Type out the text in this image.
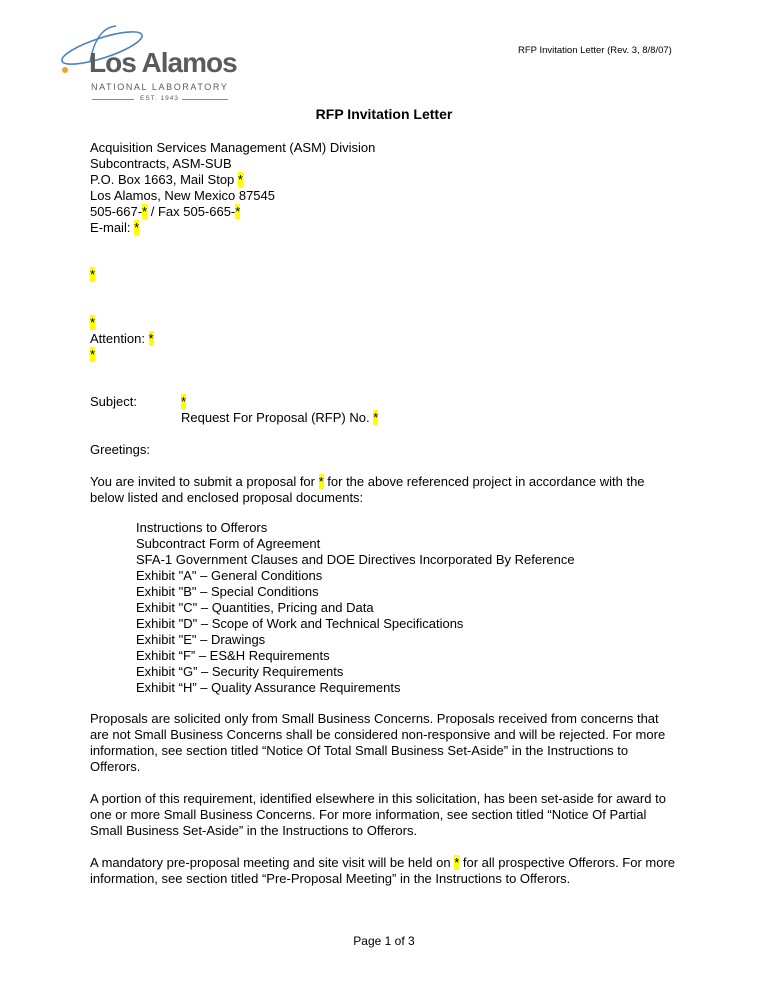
Los Alamos
NATIONAL LABORATORY
EST. 1943
RFP Invitation Letter (Rev. 3, 8/8/07)
RFP Invitation Letter
Acquisition Services Management (ASM) Division
Subcontracts, ASM-SUB
P.O. Box 1663, Mail Stop *
Los Alamos, New Mexico 87545
505-667-* / Fax 505-665-*
E-mail: *
*
*
Attention: *
*
Subject:	*
Request For Proposal (RFP) No. *
Greetings:
You are invited to submit a proposal for * for the above referenced project in accordance with the below listed and enclosed proposal documents:
Instructions to Offerors
Subcontract Form of Agreement
SFA-1 Government Clauses and DOE Directives Incorporated By Reference
Exhibit "A" – General Conditions
Exhibit "B" – Special Conditions
Exhibit "C" – Quantities, Pricing and Data
Exhibit "D" – Scope of Work and Technical Specifications
Exhibit "E" – Drawings
Exhibit “F” – ES&H Requirements
Exhibit “G” – Security Requirements
Exhibit “H” – Quality Assurance Requirements
Proposals are solicited only from Small Business Concerns. Proposals received from concerns that are not Small Business Concerns shall be considered non-responsive and will be rejected. For more information, see section titled “Notice Of Total Small Business Set-Aside” in the Instructions to Offerors.
A portion of this requirement, identified elsewhere in this solicitation, has been set-aside for award to one or more Small Business Concerns. For more information, see section titled “Notice Of Partial Small Business Set-Aside” in the Instructions to Offerors.
A mandatory pre-proposal meeting and site visit will be held on * for all prospective Offerors. For more information, see section titled “Pre-Proposal Meeting” in the Instructions to Offerors.
Page 1 of 3
